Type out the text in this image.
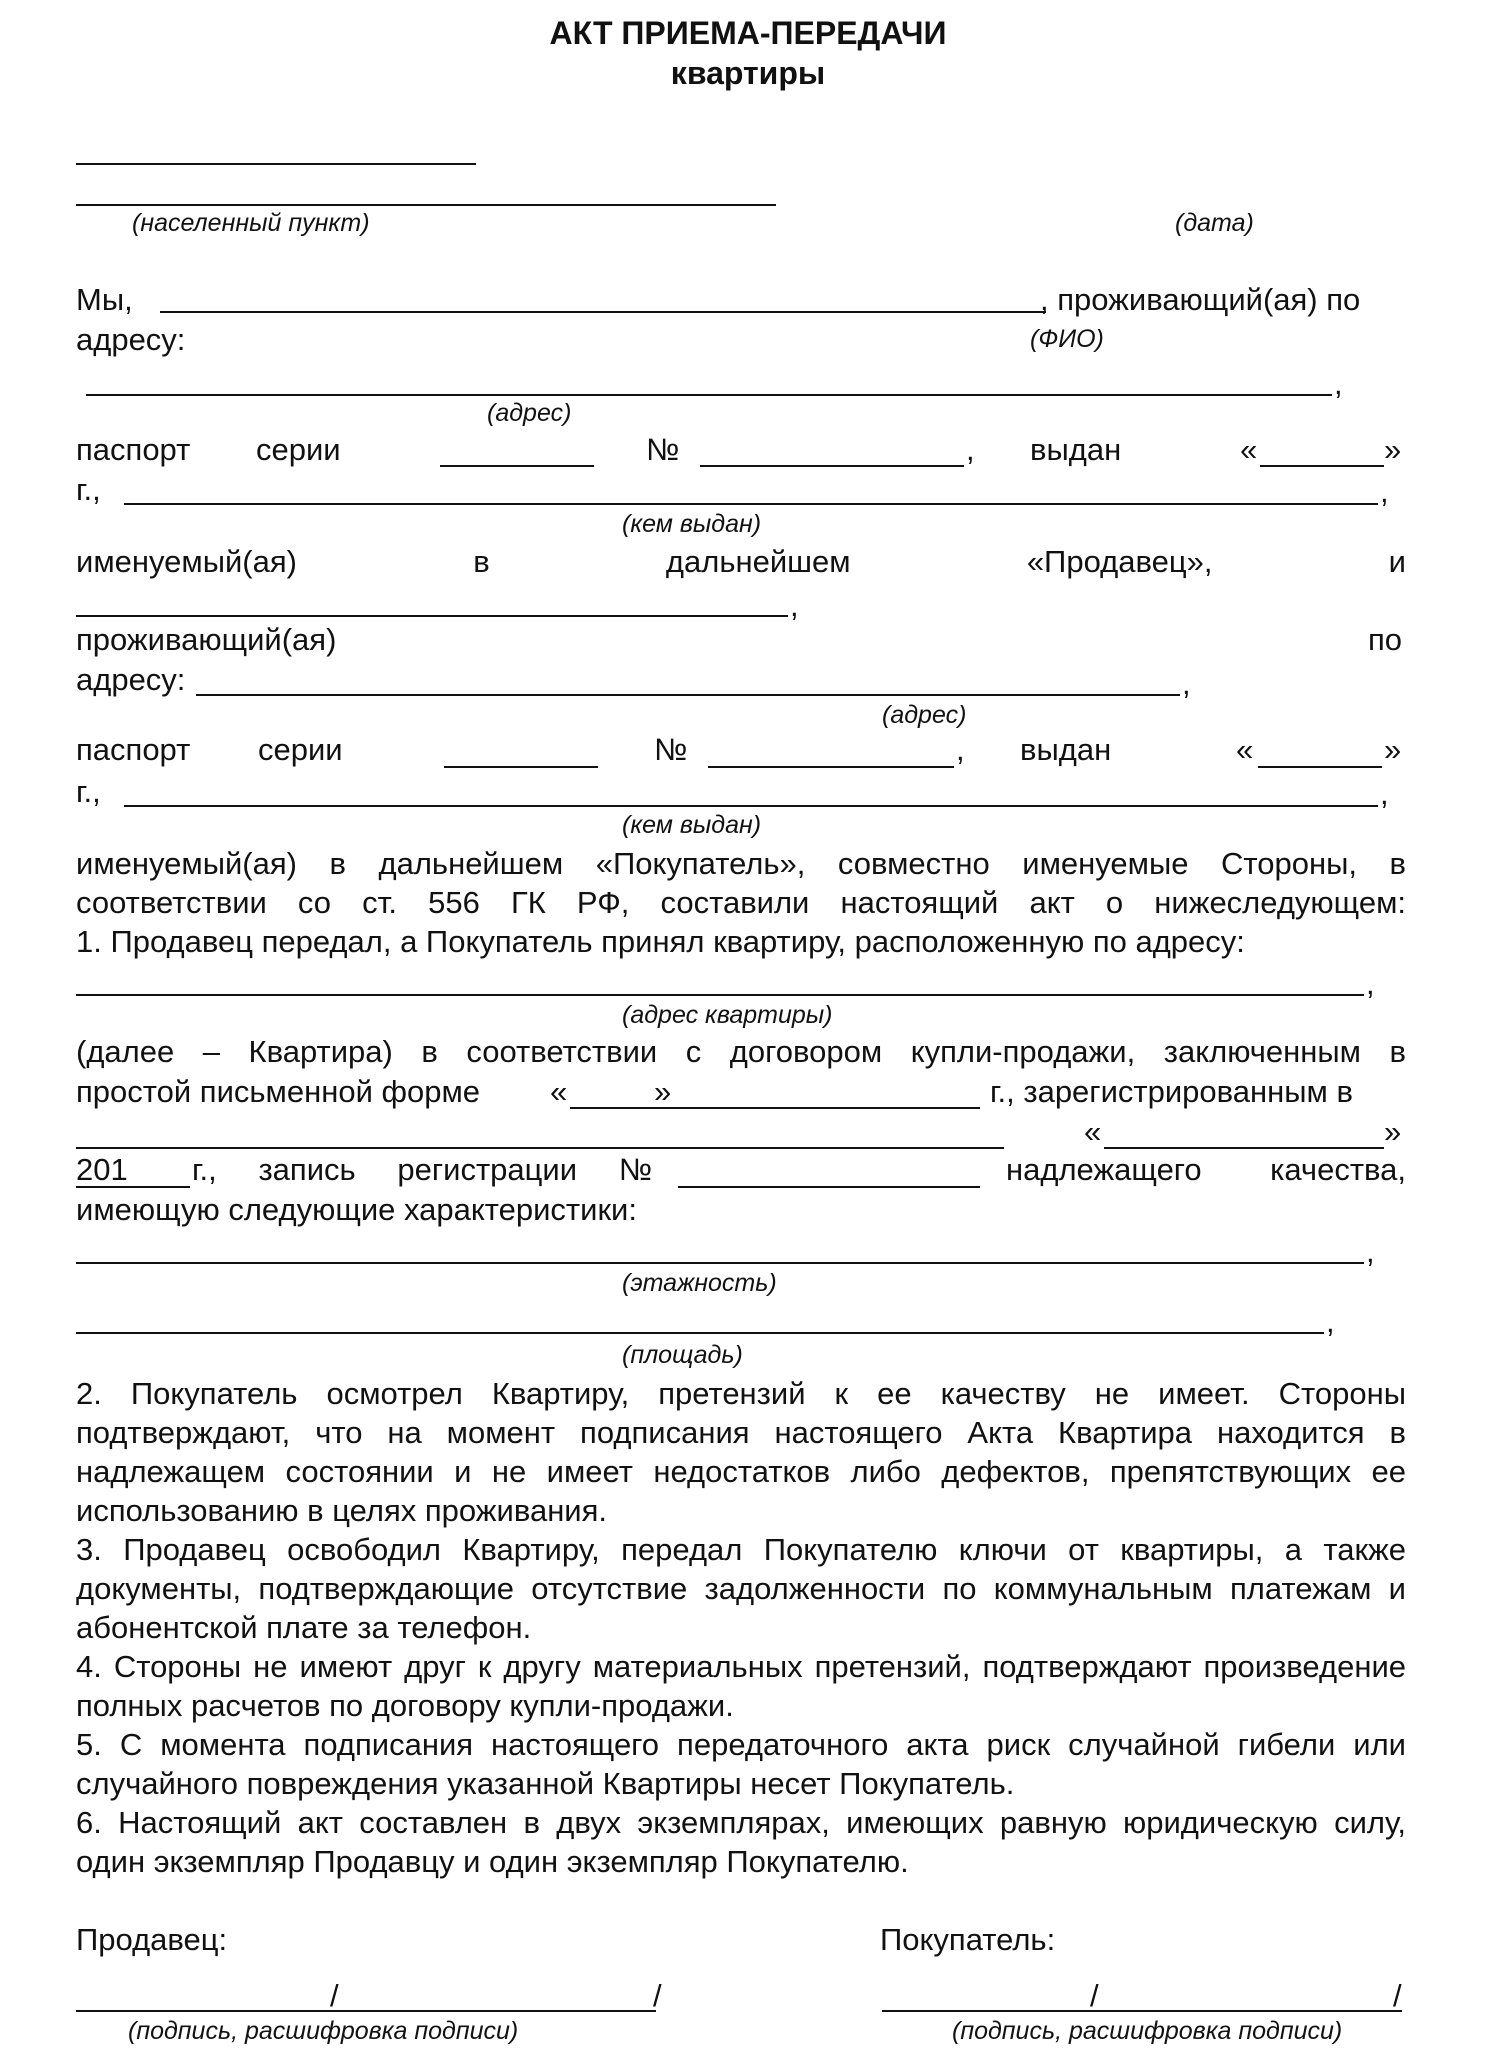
АКТ ПРИЕМА-ПЕРЕДАЧИ
квартиры
(населенный пункт)	(дата)
Мы,	, проживающий(ая) по
адресу:	(ФИО)
,
(адрес)
паспорт серии	№	, выдан	«	»
г.,	,
(кем выдан)
именуемый(ая)	в	дальнейшем	«Продавец»,	и
,
проживающий(ая)	по
адресу:	,
(адрес)
паспорт серии	№	, выдан	«	»
г.,	,
(кем выдан)
именуемый(ая) в дальнейшем «Покупатель», совместно именуемые Стороны, в
соответствии со ст. 556 ГК РФ, составили настоящий акт о нижеследующем:
1. Продавец передал, а Покупатель принял квартиру, расположенную по адресу:
,
(адрес квартиры)
(далее – Квартира) в соответствии с договором купли-продажи, заключенным в
простой письменной форме «	»	г., зарегистрированным в
«	»
201 г., запись регистрации №	надлежащего качества,
имеющую следующие характеристики:
,
(этажность)
,
(площадь)
2. Покупатель осмотрел Квартиру, претензий к ее качеству не имеет. Стороны подтверждают, что на момент подписания настоящего Акта Квартира находится в надлежащем состоянии и не имеет недостатков либо дефектов, препятствующих ее использованию в целях проживания.
3. Продавец освободил Квартиру, передал Покупателю ключи от квартиры, а также документы, подтверждающие отсутствие задолженности по коммунальным платежам и абонентской плате за телефон.
4. Стороны не имеют друг к другу материальных претензий, подтверждают произведение полных расчетов по договору купли-продажи.
5. С момента подписания настоящего передаточного акта риск случайной гибели или случайного повреждения указанной Квартиры несет Покупатель.
6. Настоящий акт составлен в двух экземплярах, имеющих равную юридическую силу, один экземпляр Продавцу и один экземпляр Покупателю.
Продавец:	Покупатель:
/	/
(подпись, расшифровка подписи)
/	/
(подпись, расшифровка подписи)
